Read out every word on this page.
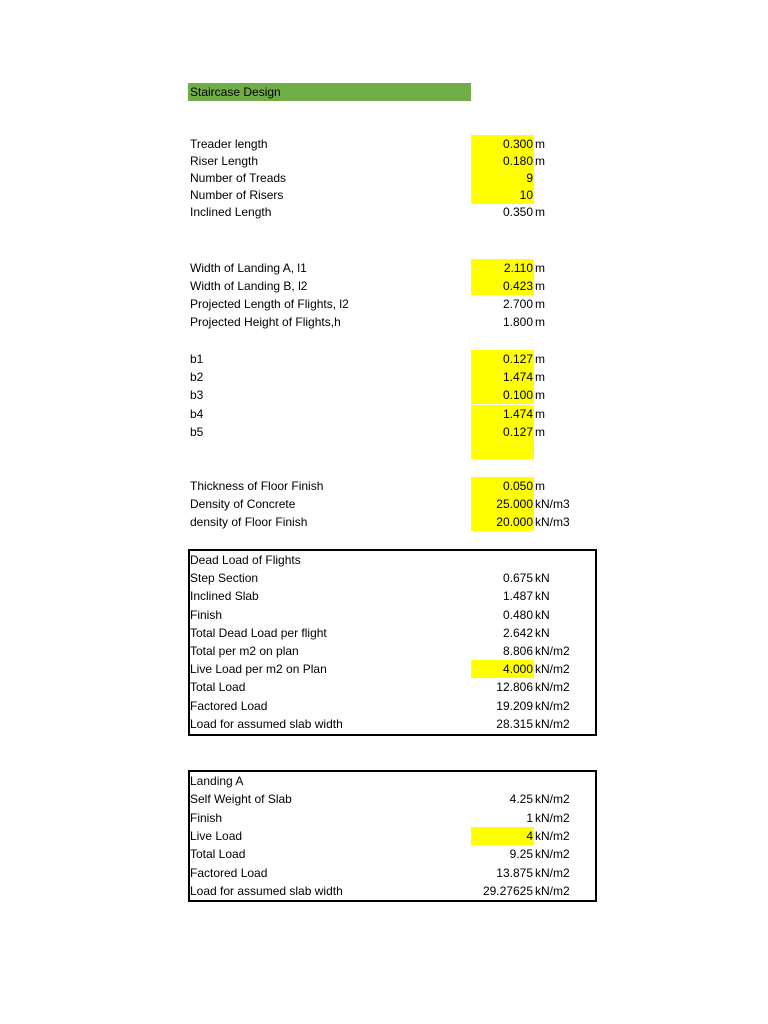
Staircase Design
Treader length	0.300 m
Riser Length	0.180 m
Number of Treads	9
Number of Risers	10
Inclined Length	0.350 m
Width of Landing A, l1	2.110 m
Width of Landing B, l2	0.423 m
Projected Length of Flights, l2	2.700 m
Projected Height of Flights,h	1.800 m
b1	0.127 m
b2	1.474 m
b3	0.100 m
b4	1.474 m
b5	0.127 m
Thickness of Floor Finish	0.050 m
Density of Concrete	25.000 kN/m3
density of Floor Finish	20.000 kN/m3
Dead Load of Flights
Step Section	0.675 kN
Inclined Slab	1.487 kN
Finish	0.480 kN
Total Dead Load per flight	2.642 kN
Total per m2 on plan	8.806 kN/m2
Live Load per m2 on Plan	4.000 kN/m2
Total Load	12.806 kN/m2
Factored Load	19.209 kN/m2
Load for assumed slab width	28.315 kN/m2
Landing A
Self Weight of Slab	4.25 kN/m2
Finish	1 kN/m2
Live Load	4 kN/m2
Total Load	9.25 kN/m2
Factored Load	13.875 kN/m2
Load for assumed slab width	29.27625 kN/m2
